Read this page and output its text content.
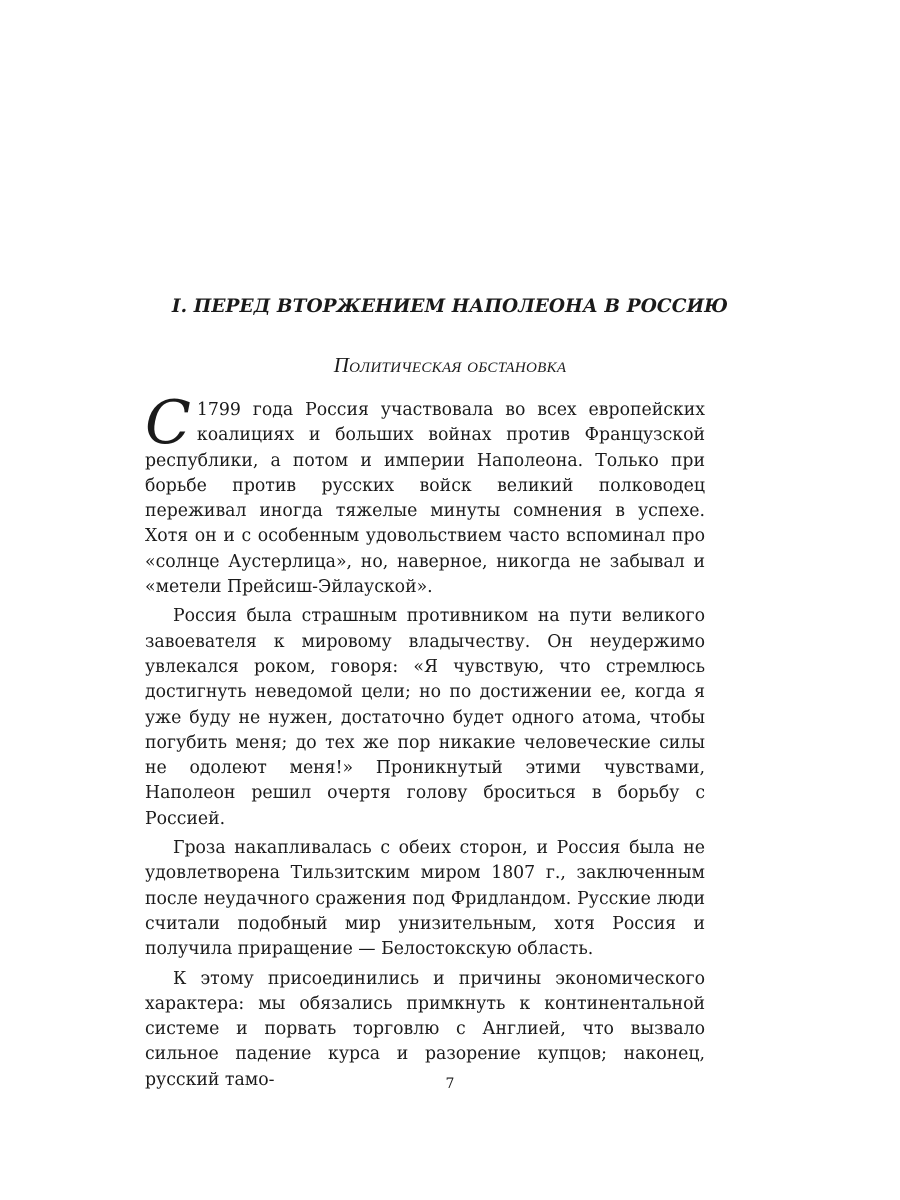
I. ПЕРЕД ВТОРЖЕНИЕМ НАПОЛЕОНА В РОССИЮ
Политическая обстановка

С 1799 года Россия участвовала во всех европейских коалициях и больших войнах против Французской республики, а потом и империи Наполеона. Только при борьбе против русских войск великий полководец переживал иногда тяжелые минуты сомнения в успехе. Хотя он и с особенным удовольствием часто вспоминал про «солнце Аустерлица», но, наверное, никогда не забывал и «метели Прейсиш-Эйлауской».

Россия была страшным противником на пути великого завоевателя к мировому владычеству. Он неудержимо увлекался роком, говоря: «Я чувствую, что стремлюсь достигнуть неведомой цели; но по достижении ее, когда я уже буду не нужен, достаточно будет одного атома, чтобы погубить меня; до тех же пор никакие человеческие силы не одолеют меня!» Проникнутый этими чувствами, Наполеон решил очертя голову броситься в борьбу с Россией.

Гроза накапливалась с обеих сторон, и Россия была не удовлетворена Тильзитским миром 1807 г., заключенным после неудачного сражения под Фридландом. Русские люди считали подобный мир унизительным, хотя Россия и получила приращение — Белостокскую область.

К этому присоединились и причины экономического характера: мы обязались примкнуть к континентальной системе и порвать торговлю с Англией, что вызвало сильное падение курса и разорение купцов; наконец, русский тамо-	7
